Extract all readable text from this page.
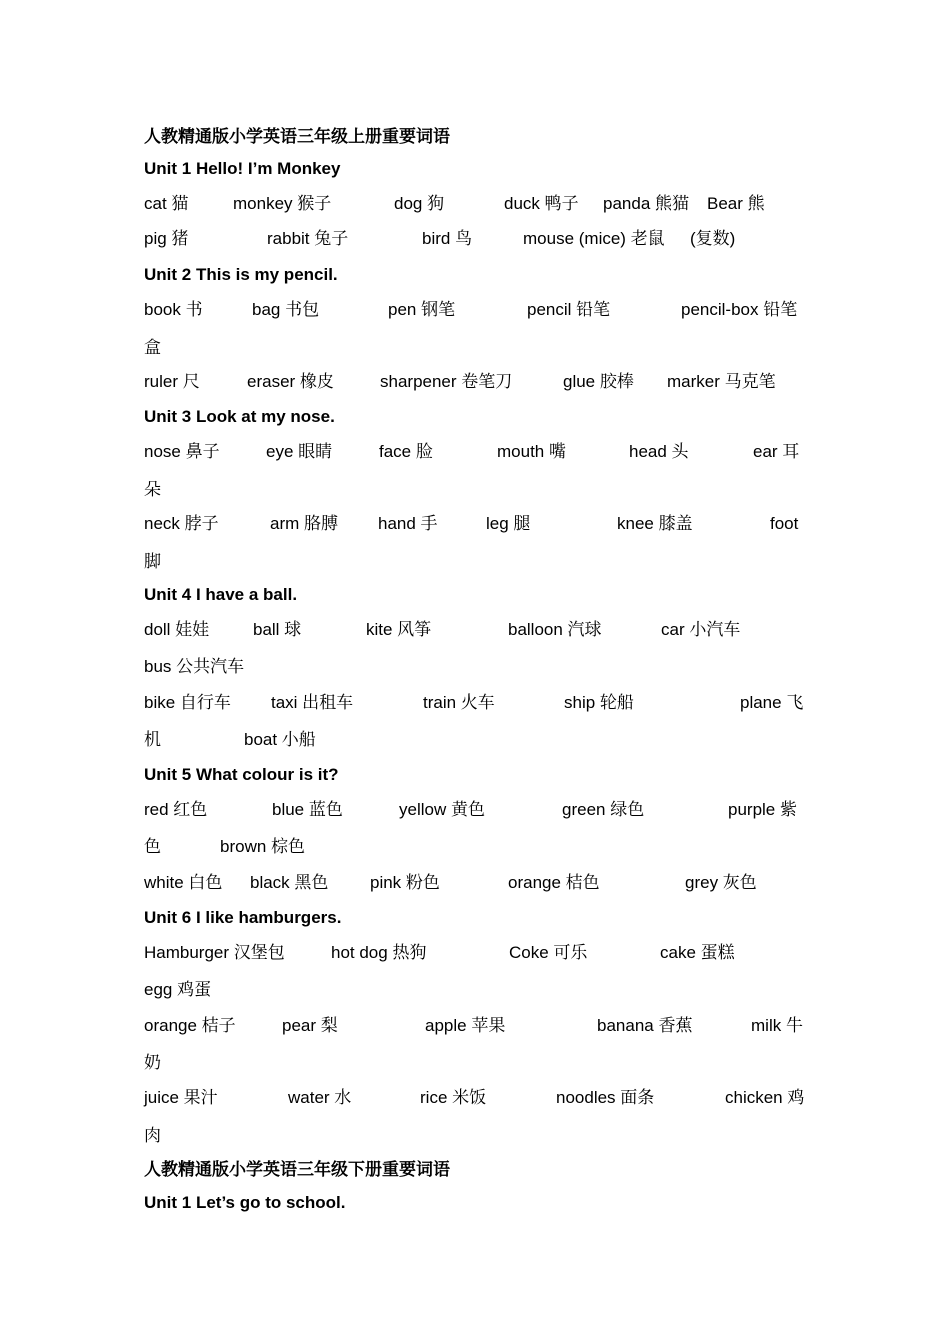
人教精通版小学英语三年级上册重要词语
Unit 1 Hello! I’m Monkey
cat 猫	monkey 猴子	dog 狗	duck 鸭子 panda 熊猫 Bear 熊
pig 猪	rabbit 兔子	bird 鸟	mouse (mice) 老鼠 (复数)
Unit 2 This is my pencil.
book 书	bag 书包	pen 钢笔	pencil 铅笔	pencil-box 铅笔
盒
ruler 尺	eraser 橡皮	sharpener 卷笔刀	glue 胶棒 marker 马克笔
Unit 3 Look at my nose.
nose 鼻子	eye 眼睛	face 脸	mouth 嘴	head 头	ear 耳
朵
neck 脖子	arm 胳膊 hand 手	leg 腿	knee 膝盖	foot
脚
Unit 4 I have a ball.
doll 娃娃	ball 球	kite 风筝	balloon 汽球	car 小汽车
bus 公共汽车
bike 自行车 taxi 出租车	train 火车	ship 轮船	plane 飞
机	boat 小船
Unit 5 What colour is it?
red 红色	blue 蓝色	yellow 黄色	green 绿色	purple 紫
色	brown 棕色
white 白色 black 黑色 pink 粉色	orange 桔色	grey 灰色
Unit 6 I like hamburgers.
Hamburger 汉堡包	hot dog 热狗	Coke 可乐	cake 蛋糕
egg 鸡蛋
orange 桔子	pear 梨	apple 苹果	banana 香蕉	milk 牛
奶
juice 果汁	water 水	rice 米饭	noodles 面条	chicken 鸡
肉
人教精通版小学英语三年级下册重要词语
Unit 1 Let’s go to school.
